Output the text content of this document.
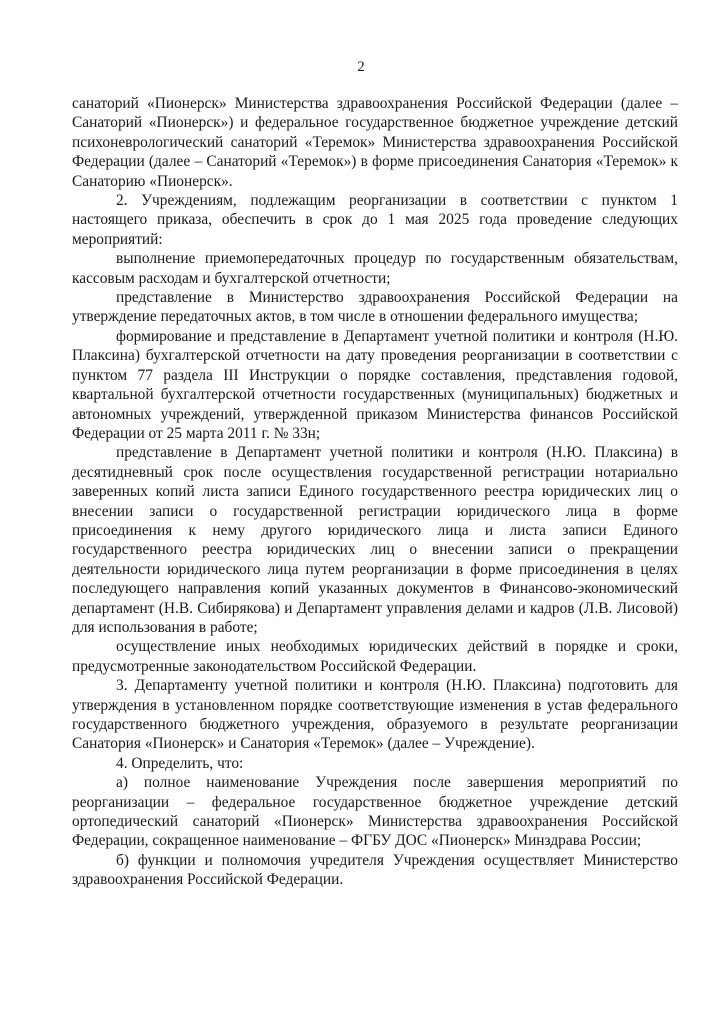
2

санаторий «Пионерск» Министерства здравоохранения Российской Федерации (далее – Санаторий «Пионерск») и федеральное государственное бюджетное учреждение детский психоневрологический санаторий «Теремок» Министерства здравоохранения Российской Федерации (далее – Санаторий «Теремок») в форме присоединения Санатория «Теремок» к Санаторию «Пионерск».

2. Учреждениям, подлежащим реорганизации в соответствии с пунктом 1 настоящего приказа, обеспечить в срок до 1 мая 2025 года проведение следующих мероприятий:

выполнение приемопередаточных процедур по государственным обязательствам, кассовым расходам и бухгалтерской отчетности;

представление в Министерство здравоохранения Российской Федерации на утверждение передаточных актов, в том числе в отношении федерального имущества;

формирование и представление в Департамент учетной политики и контроля (Н.Ю. Плаксина) бухгалтерской отчетности на дату проведения реорганизации в соответствии с пунктом 77 раздела III Инструкции о порядке составления, представления годовой, квартальной бухгалтерской отчетности государственных (муниципальных) бюджетных и автономных учреждений, утвержденной приказом Министерства финансов Российской Федерации от 25 марта 2011 г. № 33н;

представление в Департамент учетной политики и контроля (Н.Ю. Плаксина) в десятидневный срок после осуществления государственной регистрации нотариально заверенных копий листа записи Единого государственного реестра юридических лиц о внесении записи о государственной регистрации юридического лица в форме присоединения к нему другого юридического лица и листа записи Единого государственного реестра юридических лиц о внесении записи о прекращении деятельности юридического лица путем реорганизации в форме присоединения в целях последующего направления копий указанных документов в Финансово-экономический департамент (Н.В. Сибирякова) и Департамент управления делами и кадров (Л.В. Лисовой) для использования в работе;

осуществление иных необходимых юридических действий в порядке и сроки, предусмотренные законодательством Российской Федерации.

3. Департаменту учетной политики и контроля (Н.Ю. Плаксина) подготовить для утверждения в установленном порядке соответствующие изменения в устав федерального государственного бюджетного учреждения, образуемого в результате реорганизации Санатория «Пионерск» и Санатория «Теремок» (далее – Учреждение).

4. Определить, что:

а) полное наименование Учреждения после завершения мероприятий по реорганизации – федеральное государственное бюджетное учреждение детский ортопедический санаторий «Пионерск» Министерства здравоохранения Российской Федерации, сокращенное наименование – ФГБУ ДОС «Пионерск» Минздрава России;

б) функции и полномочия учредителя Учреждения осуществляет Министерство здравоохранения Российской Федерации.
